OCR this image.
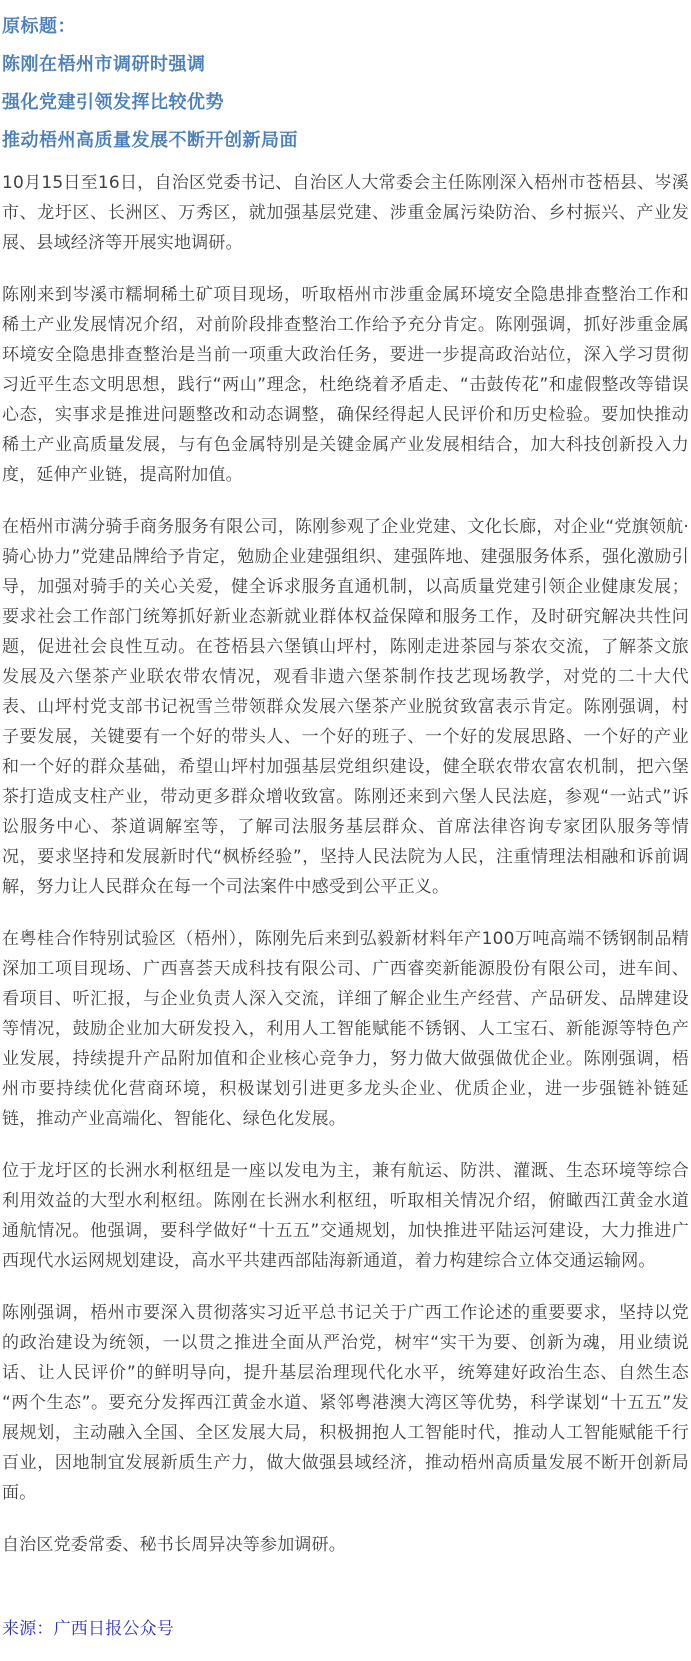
原标题：
陈刚在梧州市调研时强调
强化党建引领发挥比较优势
推动梧州高质量发展不断开创新局面

10月15日至16日，自治区党委书记、自治区人大常委会主任陈刚深入梧州市苍梧县、岑溪市、龙圩区、长洲区、万秀区，就加强基层党建、涉重金属污染防治、乡村振兴、产业发展、县域经济等开展实地调研。

陈刚来到岑溪市糯垌稀土矿项目现场，听取梧州市涉重金属环境安全隐患排查整治工作和稀土产业发展情况介绍，对前阶段排查整治工作给予充分肯定。陈刚强调，抓好涉重金属环境安全隐患排查整治是当前一项重大政治任务，要进一步提高政治站位，深入学习贯彻习近平生态文明思想，践行“两山”理念，杜绝绕着矛盾走、“击鼓传花”和虚假整改等错误心态，实事求是推进问题整改和动态调整，确保经得起人民评价和历史检验。要加快推动稀土产业高质量发展，与有色金属特别是关键金属产业发展相结合，加大科技创新投入力度，延伸产业链，提高附加值。

在梧州市满分骑手商务服务有限公司，陈刚参观了企业党建、文化长廊，对企业“党旗领航·骑心协力”党建品牌给予肯定，勉励企业建强组织、建强阵地、建强服务体系，强化激励引导，加强对骑手的关心关爱，健全诉求服务直通机制，以高质量党建引领企业健康发展；要求社会工作部门统筹抓好新业态新就业群体权益保障和服务工作，及时研究解决共性问题，促进社会良性互动。在苍梧县六堡镇山坪村，陈刚走进茶园与茶农交流，了解茶文旅发展及六堡茶产业联农带农情况，观看非遗六堡茶制作技艺现场教学，对党的二十大代表、山坪村党支部书记祝雪兰带领群众发展六堡茶产业脱贫致富表示肯定。陈刚强调，村子要发展，关键要有一个好的带头人、一个好的班子、一个好的发展思路、一个好的产业和一个好的群众基础，希望山坪村加强基层党组织建设，健全联农带农富农机制，把六堡茶打造成支柱产业，带动更多群众增收致富。陈刚还来到六堡人民法庭，参观“一站式”诉讼服务中心、茶道调解室等，了解司法服务基层群众、首席法律咨询专家团队服务等情况，要求坚持和发展新时代“枫桥经验”，坚持人民法院为人民，注重情理法相融和诉前调解，努力让人民群众在每一个司法案件中感受到公平正义。

在粤桂合作特别试验区（梧州），陈刚先后来到弘毅新材料年产100万吨高端不锈钢制品精深加工项目现场、广西喜荟天成科技有限公司、广西睿奕新能源股份有限公司，进车间、看项目、听汇报，与企业负责人深入交流，详细了解企业生产经营、产品研发、品牌建设等情况，鼓励企业加大研发投入，利用人工智能赋能不锈钢、人工宝石、新能源等特色产业发展，持续提升产品附加值和企业核心竞争力，努力做大做强做优企业。陈刚强调，梧州市要持续优化营商环境，积极谋划引进更多龙头企业、优质企业，进一步强链补链延链，推动产业高端化、智能化、绿色化发展。

位于龙圩区的长洲水利枢纽是一座以发电为主，兼有航运、防洪、灌溉、生态环境等综合利用效益的大型水利枢纽。陈刚在长洲水利枢纽，听取相关情况介绍，俯瞰西江黄金水道通航情况。他强调，要科学做好“十五五”交通规划，加快推进平陆运河建设，大力推进广西现代水运网规划建设，高水平共建西部陆海新通道，着力构建综合立体交通运输网。

陈刚强调，梧州市要深入贯彻落实习近平总书记关于广西工作论述的重要要求，坚持以党的政治建设为统领，一以贯之推进全面从严治党，树牢“实干为要、创新为魂，用业绩说话、让人民评价”的鲜明导向，提升基层治理现代化水平，统筹建好政治生态、自然生态“两个生态”。要充分发挥西江黄金水道、紧邻粤港澳大湾区等优势，科学谋划“十五五”发展规划，主动融入全国、全区发展大局，积极拥抱人工智能时代，推动人工智能赋能千行百业，因地制宜发展新质生产力，做大做强县域经济，推动梧州高质量发展不断开创新局面。

自治区党委常委、秘书长周异决等参加调研。

来源：广西日报公众号
